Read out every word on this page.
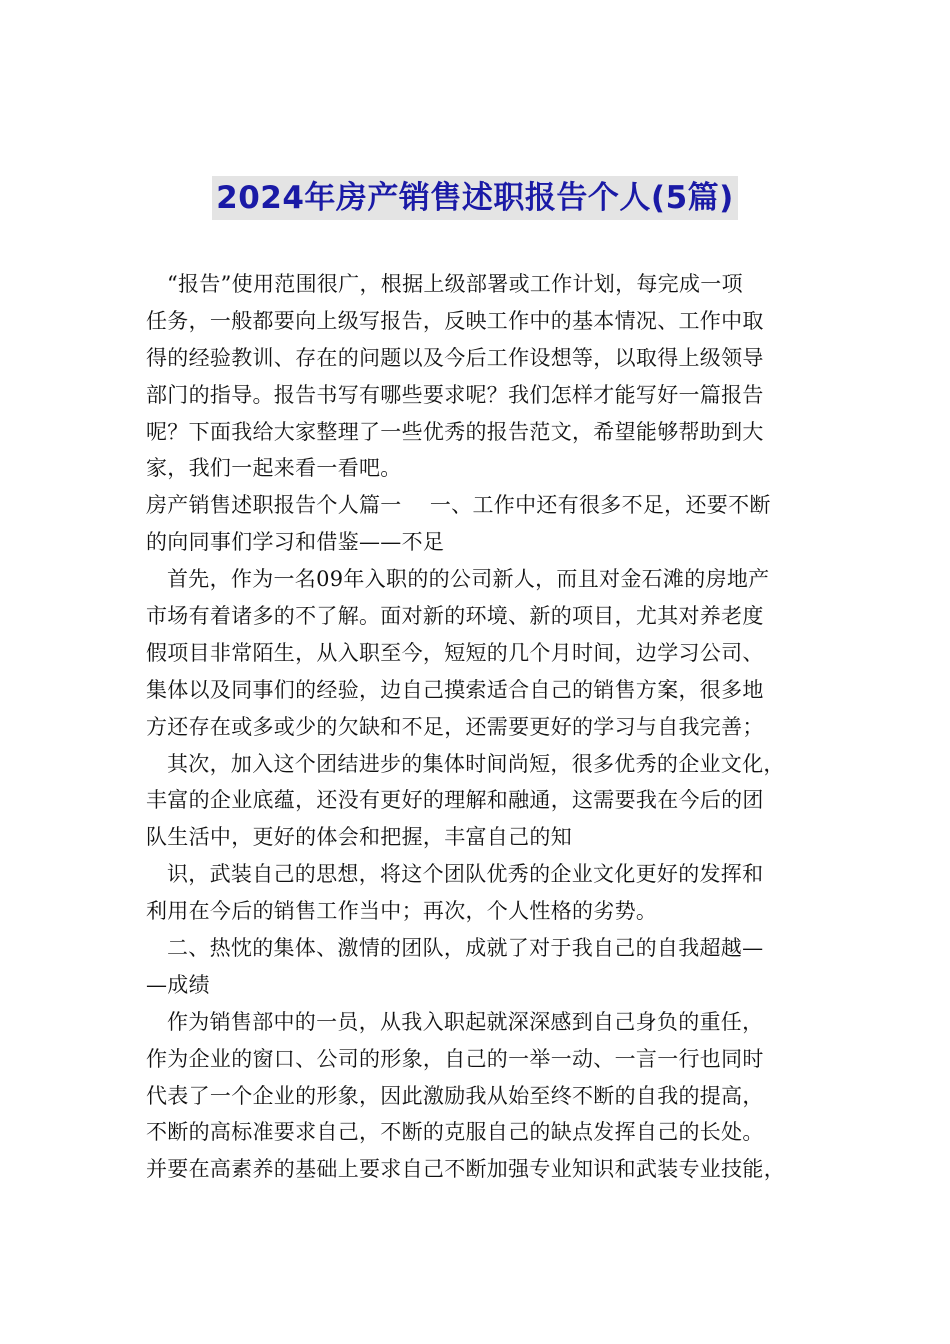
2024年房产销售述职报告个人(5篇)
“报告”使用范围很广，根据上级部署或工作计划，每完成一项
任务，一般都要向上级写报告，反映工作中的基本情况、工作中取
得的经验教训、存在的问题以及今后工作设想等，以取得上级领导
部门的指导。报告书写有哪些要求呢？我们怎样才能写好一篇报告
呢？下面我给大家整理了一些优秀的报告范文，希望能够帮助到大
家，我们一起来看一看吧。
房产销售述职报告个人篇一　 一、工作中还有很多不足，还要不断
的向同事们学习和借鉴——不足
首先，作为一名09年入职的的公司新人，而且对金石滩的房地产
市场有着诸多的不了解。面对新的环境、新的项目，尤其对养老度
假项目非常陌生，从入职至今，短短的几个月时间，边学习公司、
集体以及同事们的经验，边自己摸索适合自己的销售方案，很多地
方还存在或多或少的欠缺和不足，还需要更好的学习与自我完善；
其次，加入这个团结进步的集体时间尚短，很多优秀的企业文化，
丰富的企业底蕴，还没有更好的理解和融通，这需要我在今后的团
队生活中，更好的体会和把握，丰富自己的知
识，武装自己的思想，将这个团队优秀的企业文化更好的发挥和
利用在今后的销售工作当中；再次，个人性格的劣势。
二、热忱的集体、激情的团队，成就了对于我自己的自我超越—
—成绩
作为销售部中的一员，从我入职起就深深感到自己身负的重任，
作为企业的窗口、公司的形象，自己的一举一动、一言一行也同时
代表了一个企业的形象，因此激励我从始至终不断的自我的提高，
不断的高标准要求自己，不断的克服自己的缺点发挥自己的长处。
并要在高素养的基础上要求自己不断加强专业知识和武装专业技能，
